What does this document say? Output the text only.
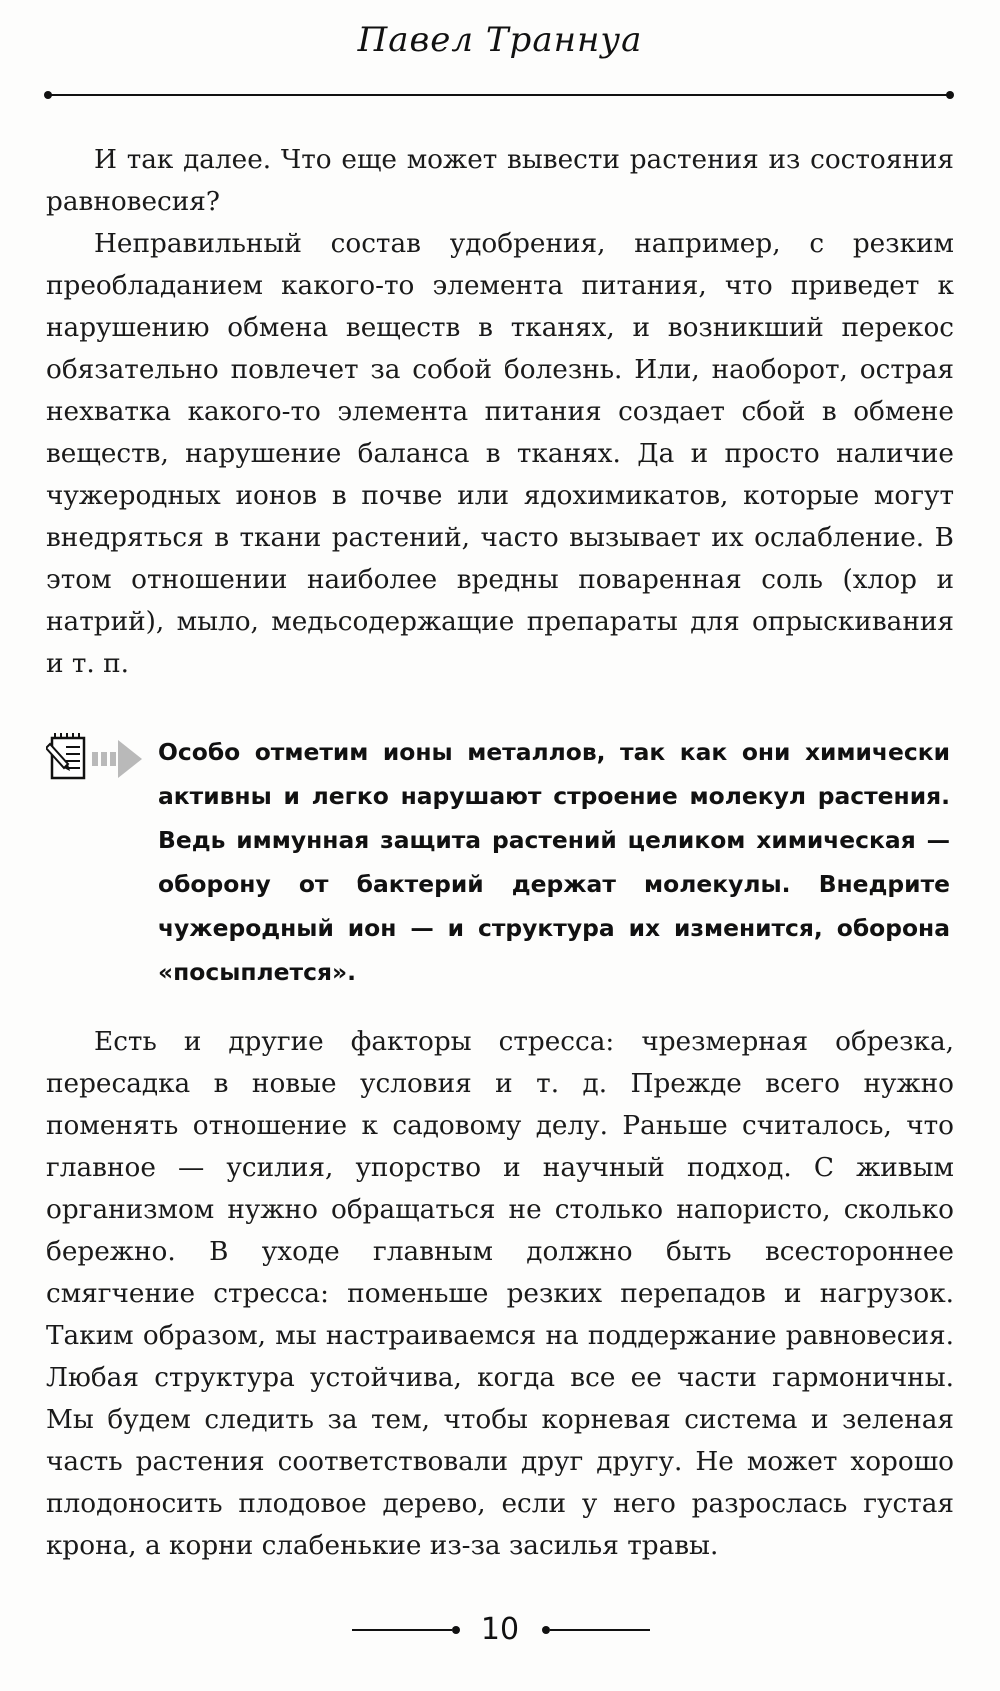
Павел Траннуа

И так далее. Что еще может вывести растения из состояния равновесия?

Неправильный состав удобрения, например, с резким преобладанием какого-то элемента питания, что приведет к нарушению обмена веществ в тканях, и возникший перекос обязательно повлечет за собой болезнь. Или, наоборот, острая нехватка какого-то элемента питания создает сбой в обмене веществ, нарушение баланса в тканях. Да и просто наличие чужеродных ионов в почве или ядохимикатов, которые могут внедряться в ткани растений, часто вызывает их ослабление. В этом отношении наиболее вредны поваренная соль (хлор и натрий), мыло, медьсодержащие препараты для опрыскивания и т. п.

Особо отметим ионы металлов, так как они химически активны и легко нарушают строение молекул растения. Ведь иммунная защита растений целиком химическая — оборону от бактерий держат молекулы. Внедрите чужеродный ион — и структура их изменится, оборона «посыплется».

Есть и другие факторы стресса: чрезмерная обрезка, пересадка в новые условия и т. д. Прежде всего нужно поменять отношение к садовому делу. Раньше считалось, что главное — усилия, упорство и научный подход. С живым организмом нужно обращаться не столько напористо, сколько бережно. В уходе главным должно быть всестороннее смягчение стресса: поменьше резких перепадов и нагрузок. Таким образом, мы настраиваемся на поддержание равновесия. Любая структура устойчива, когда все ее части гармоничны. Мы будем следить за тем, чтобы корневая система и зеленая часть растения соответствовали друг другу. Не может хорошо плодоносить плодовое дерево, если у него разрослась густая крона, а корни слабенькие из-за засилья травы.

10
